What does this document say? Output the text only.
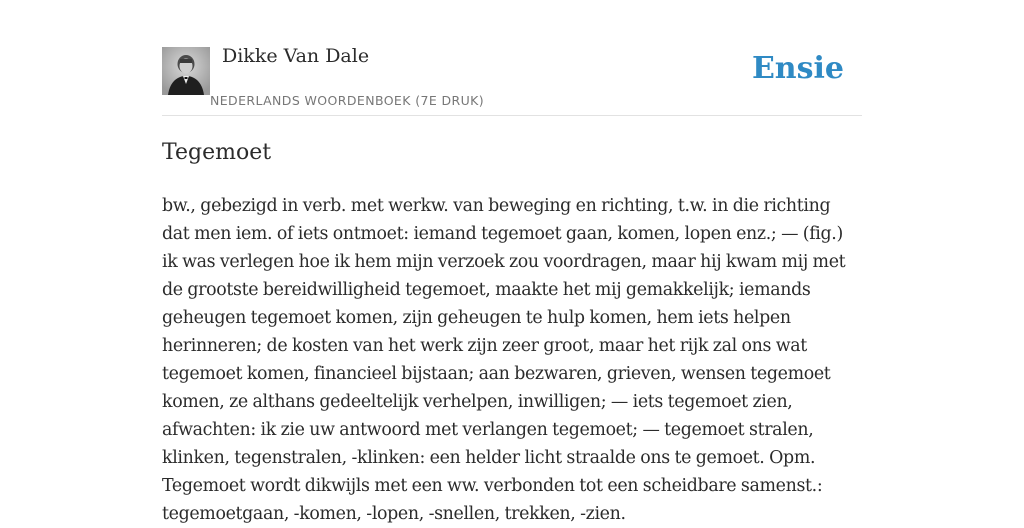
Dikke Van Dale
NEDERLANDS WOORDENBOEK (7E DRUK)
Ensie
Tegemoet

bw., gebezigd in verb. met werkw. van beweging en richting, t.w. in die richting dat men iem. of iets ontmoet: iemand tegemoet gaan, komen, lopen enz.; — (fig.) ik was verlegen hoe ik hem mijn verzoek zou voordragen, maar hij kwam mij met de grootste bereidwilligheid tegemoet, maakte het mij gemakkelijk; iemands geheugen tegemoet komen, zijn geheugen te hulp komen, hem iets helpen herinneren; de kosten van het werk zijn zeer groot, maar het rijk zal ons wat tegemoet komen, financieel bijstaan; aan bezwaren, grieven, wensen tegemoet komen, ze althans gedeeltelijk verhelpen, inwilligen; — iets tegemoet zien, afwachten: ik zie uw antwoord met verlangen tegemoet; — tegemoet stralen, klinken, tegenstralen, -klinken: een helder licht straalde ons te gemoet. Opm. Tegemoet wordt dikwijls met een ww. verbonden tot een scheidbare samenst.: tegemoetgaan, -komen, -lopen, -snellen, trekken, -zien.
